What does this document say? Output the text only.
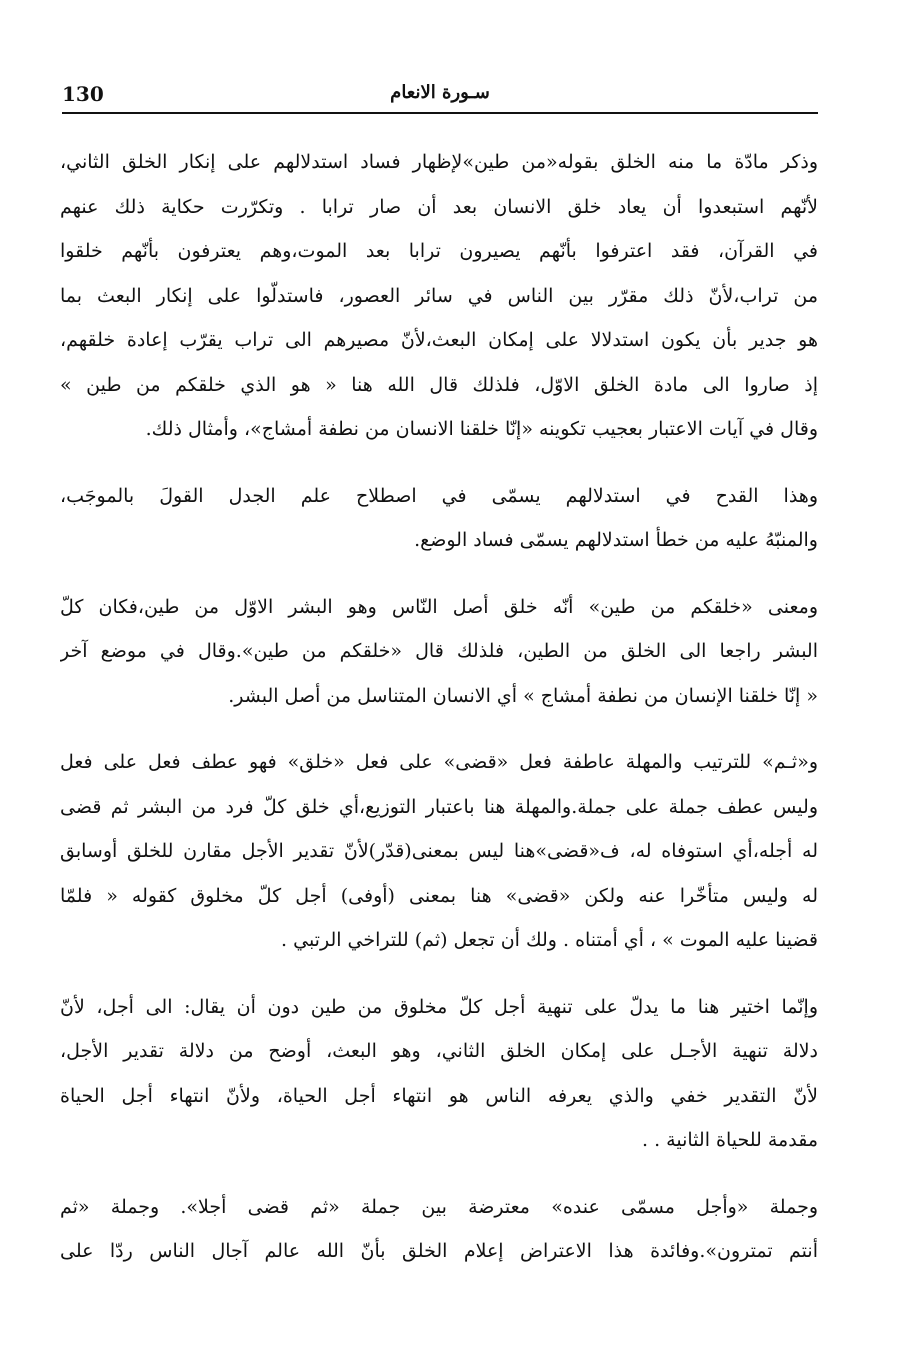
130	سـورة الانعام

وذكر مادّة ما منه الخلق بقوله«من طين»لإظهار فساد استدلالهم على إنكار الخلق الثاني،
لأنّهم استبعدوا أن يعاد خلق الانسان بعد أن صار ترابا . وتكرّرت حكاية ذلك عنهم
في القرآن، فقد اعترفوا بأنّهم يصيرون ترابا بعد الموت،وهم يعترفون بأنّهم خلقوا
من تراب،لأنّ ذلك مقرّر بين الناس في سائر العصور، فاستدلّوا على إنكار البعث بما
هو جدير بأن يكون استدلالا على إمكان البعث،لأنّ مصيرهم الى تراب يقرّب إعادة خلقهم،
إذ صاروا الى مادة الخلق الاوّل، فلذلك قال الله هنا « هو الذي خلقكم من طين »
وقال في آيات الاعتبار بعجيب تكوينه «إنّا خلقنا الانسان من نطفة أمشاج»، وأمثال ذلك.

وهذا القدح في استدلالهم يسمّى في اصطلاح علم الجدل القولَ بالموجَب،
والمنبّهُ عليه من خطأ استدلالهم يسمّى فساد الوضع.

ومعنى «خلقكم من طين» أنّه خلق أصل النّاس وهو البشر الاوّل من طين،فكان كلّ
البشر راجعا الى الخلق من الطين، فلذلك قال «خلقكم من طين».وقال في موضع آخر
« إنّا خلقنا الإنسان من نطفة أمشاج » أي الانسان المتناسل من أصل البشر.

و«ثـم» للترتيب والمهلة عاطفة فعل «قضى» على فعل «خلق» فهو عطف فعل على فعل
وليس عطف جملة على جملة.والمهلة هنا باعتبار التوزيع،أي خلق كلّ فرد من البشر ثم قضى
له أجله،أي استوفاه له، ف«قضى»هنا ليس بمعنى(قدّر)لأنّ تقدير الأجل مقارن للخلق أوسابق
له وليس متأخّرا عنه ولكن «قضى» هنا بمعنى (أوفى) أجل كلّ مخلوق كقوله « فلمّا
قضينا عليه الموت » ، أي أمتناه . ولك أن تجعل (ثم) للتراخي الرتبي .

وإنّما اختير هنا ما يدلّ على تنهية أجل كلّ مخلوق من طين دون أن يقال: الى أجل، لأنّ
دلالة تنهية الأجـل على إمكان الخلق الثاني، وهو البعث، أوضح من دلالة تقدير الأجل،
لأنّ التقدير خفي والذي يعرفه الناس هو انتهاء أجل الحياة، ولأنّ انتهاء أجل الحياة
مقدمة للحياة الثانية . .

وجملة «وأجل مسمّى عنده» معترضة بين جملة «ثم قضى أجلا». وجملة «ثم
أنتم تمترون».وفائدة هذا الاعتراض إعلام الخلق بأنّ الله عالم آجال الناس ردّا على
